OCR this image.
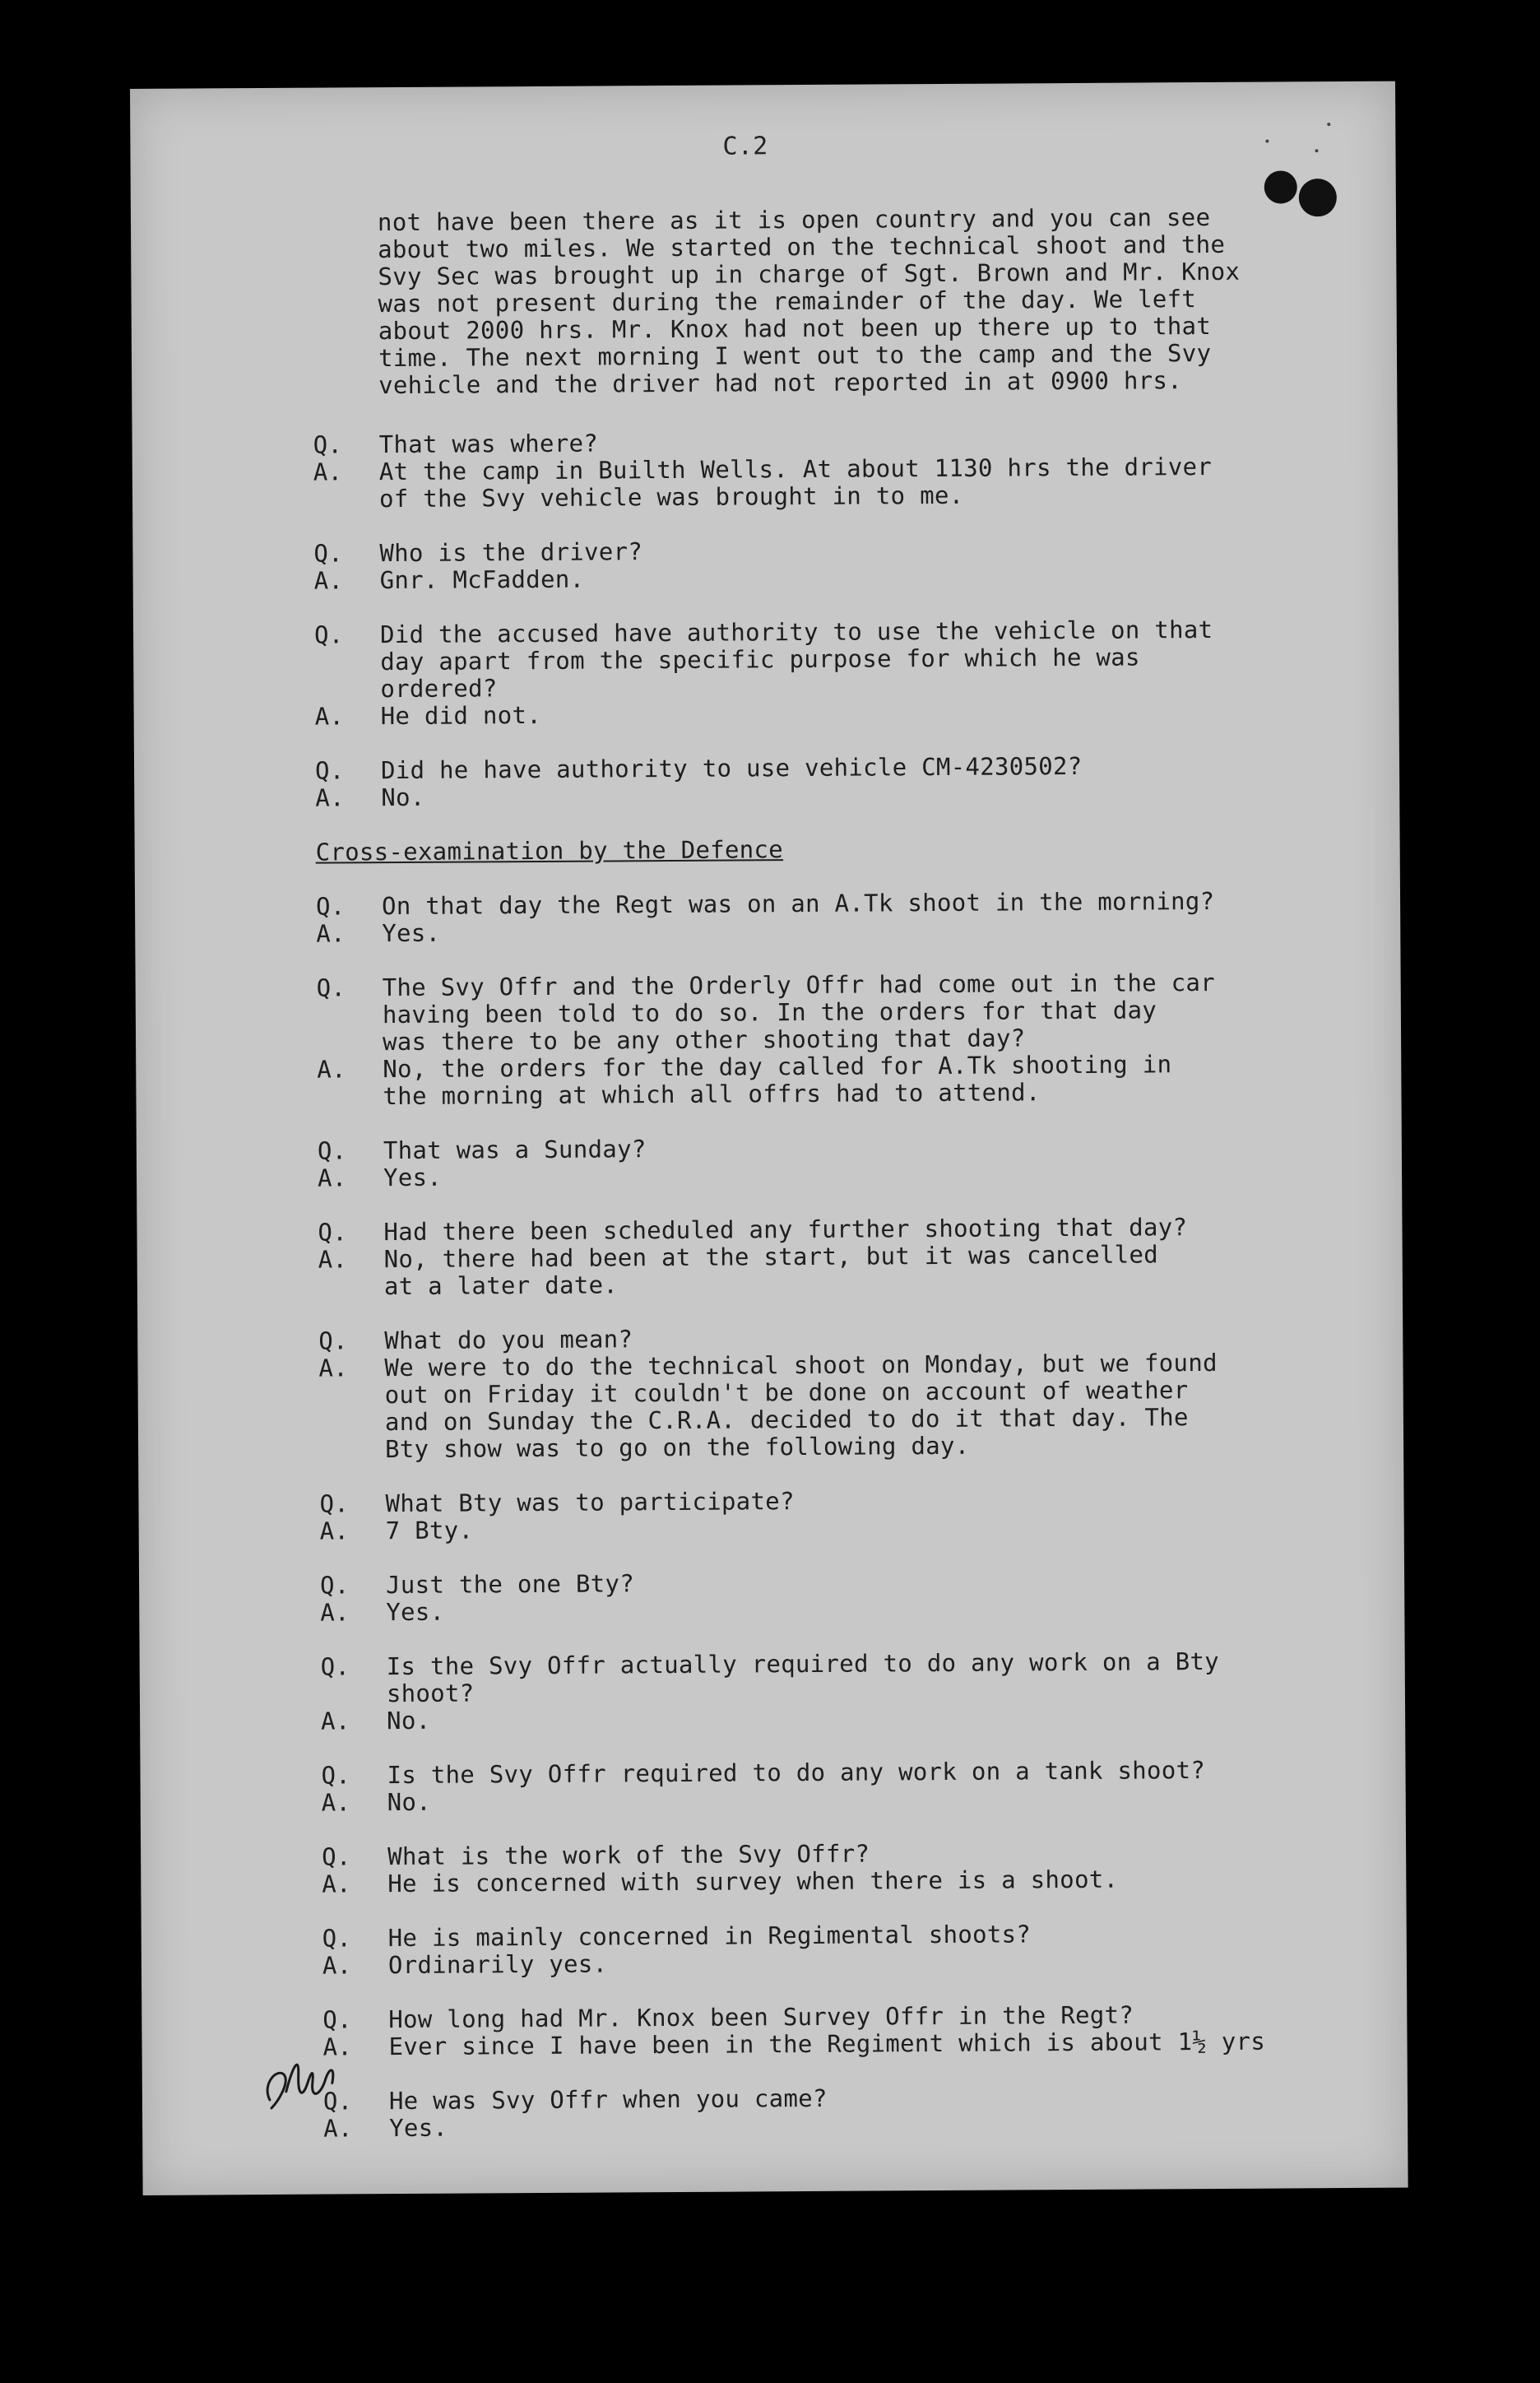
C.2
not have been there as it is open country and you can see
about two miles. We started on the technical shoot and the
Svy Sec was brought up in charge of Sgt. Brown and Mr. Knox
was not present during the remainder of the day. We left
about 2000 hrs. Mr. Knox had not been up there up to that
time. The next morning I went out to the camp and the Svy
vehicle and the driver had not reported in at 0900 hrs.
Q.	That was where?
A.	At the camp in Builth Wells. At about 1130 hrs the driver
of the Svy vehicle was brought in to me.
Q.	Who is the driver?
A.	Gnr. McFadden.
Q.	Did the accused have authority to use the vehicle on that
day apart from the specific purpose for which he was
ordered?
A.	He did not.
Q.	Did he have authority to use vehicle CM-4230502?
A.	No.
Cross-examination by the Defence
Q.	On that day the Regt was on an A.Tk shoot in the morning?
A.	Yes.
Q.	The Svy Offr and the Orderly Offr had come out in the car
having been told to do so. In the orders for that day
was there to be any other shooting that day?
A.	No, the orders for the day called for A.Tk shooting in
the morning at which all offrs had to attend.
Q.	That was a Sunday?
A.	Yes.
Q.	Had there been scheduled any further shooting that day?
A.	No, there had been at the start, but it was cancelled
at a later date.
Q.	What do you mean?
A.	We were to do the technical shoot on Monday, but we found
out on Friday it couldn't be done on account of weather
and on Sunday the C.R.A. decided to do it that day. The
Bty show was to go on the following day.
Q.	What Bty was to participate?
A.	7 Bty.
Q.	Just the one Bty?
A.	Yes.
Q.	Is the Svy Offr actually required to do any work on a Bty
shoot?
A.	No.
Q.	Is the Svy Offr required to do any work on a tank shoot?
A.	No.
Q.	What is the work of the Svy Offr?
A.	He is concerned with survey when there is a shoot.
Q.	He is mainly concerned in Regimental shoots?
A.	Ordinarily yes.
Q.	How long had Mr. Knox been Survey Offr in the Regt?
A.	Ever since I have been in the Regiment which is about 1½ yrs
Q.	He was Svy Offr when you came?
A.	Yes.
